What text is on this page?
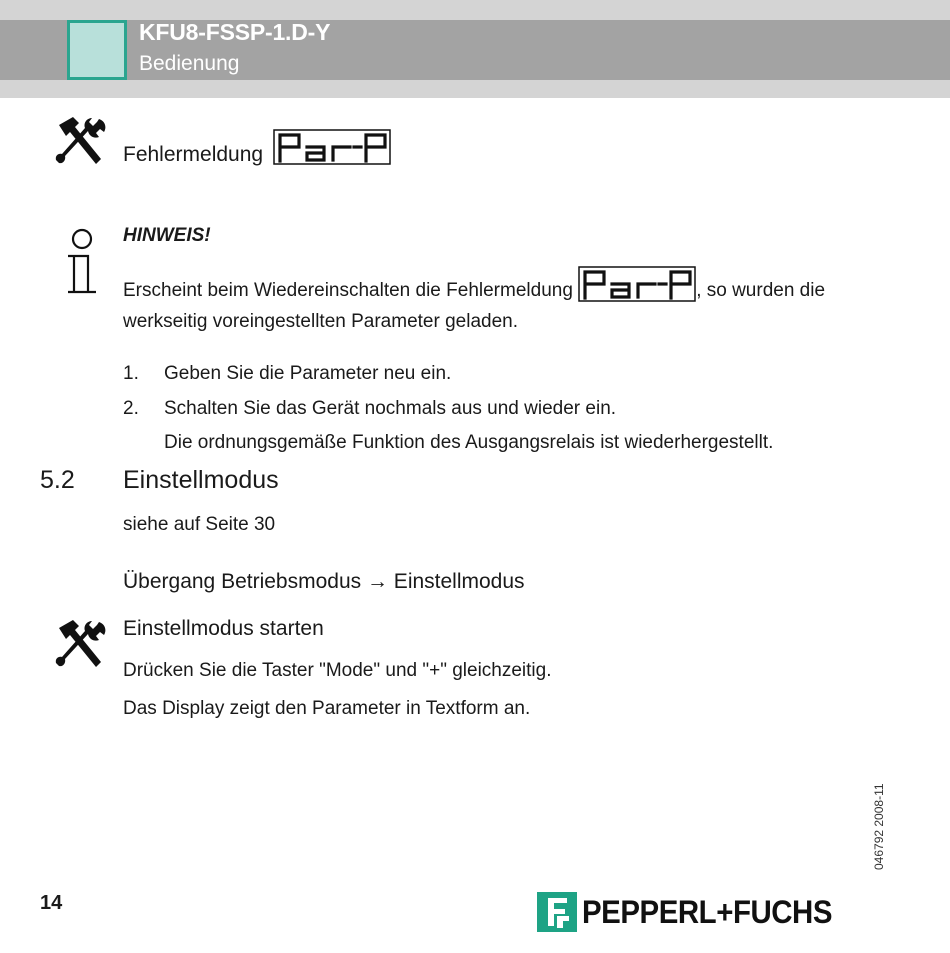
KFU8-FSSP-1.D-Y
Bedienung
Fehlermeldung
HINWEIS!
Erscheint beim Wiedereinschalten die Fehlermeldung	, so wurden die
werkseitig voreingestellten Parameter geladen.
1. Geben Sie die Parameter neu ein.
2. Schalten Sie das Gerät nochmals aus und wieder ein.
Die ordnungsgemäße Funktion des Ausgangsrelais ist wiederhergestellt.
5.2 Einstellmodus
siehe auf Seite 30
Übergang Betriebsmodus → Einstellmodus
Einstellmodus starten
Drücken Sie die Taster "Mode" und "+" gleichzeitig.
Das Display zeigt den Parameter in Textform an.
046792 2008-11
14	PEPPERL+FUCHS
